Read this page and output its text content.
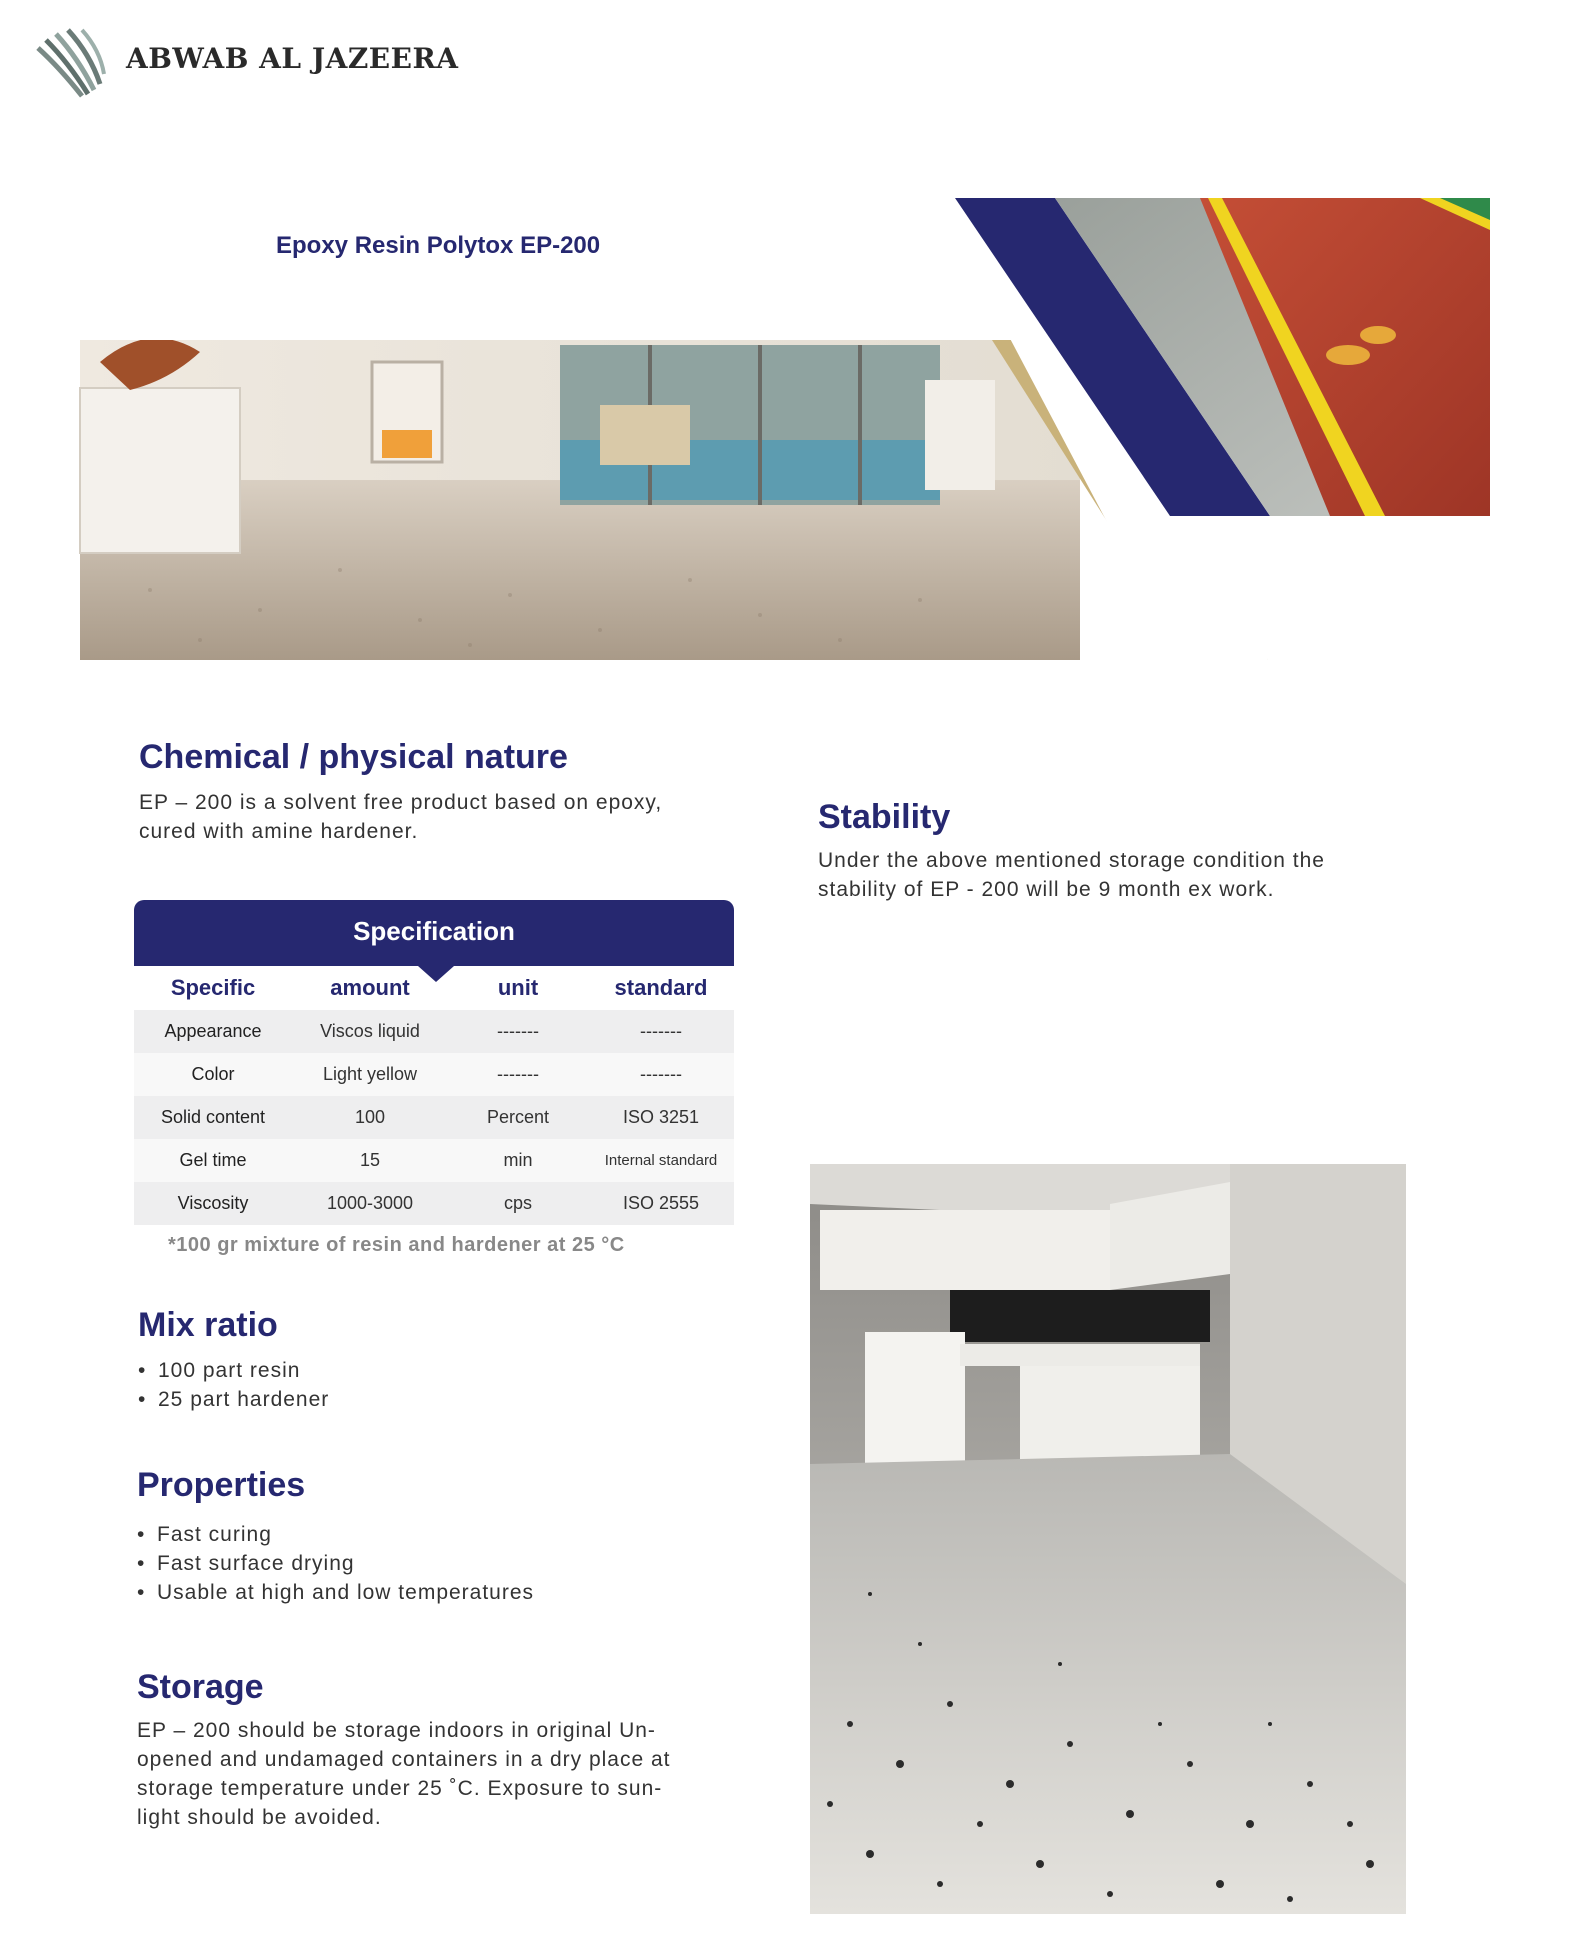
ABWAB AL JAZEERA
Epoxy Resin Polytox EP-200
Chemical / physical nature
EP – 200 is a solvent free product based on epoxy,
cured with amine hardener.	Stability
Under the above mentioned storage condition the
stability of EP - 200 will be 9 month ex work.
Specification
Specific	amount	unit	standard
Appearance	Viscos liquid	-------	-------
Color	Light yellow	-------	-------
Solid content	100	Percent	ISO 3251
Gel time	15	min	Internal standard
Viscosity	1000-3000	cps	ISO 2555
*100 gr mixture of resin and hardener at 25 °C
Mix ratio
• 100 part resin
• 25 part hardener
Properties
• Fast curing
• Fast surface drying
• Usable at high and low temperatures
Storage
EP – 200 should be storage indoors in original Un-
opened and undamaged containers in a dry place at
storage temperature under 25 ˚C. Exposure to sun-
light should be avoided.
